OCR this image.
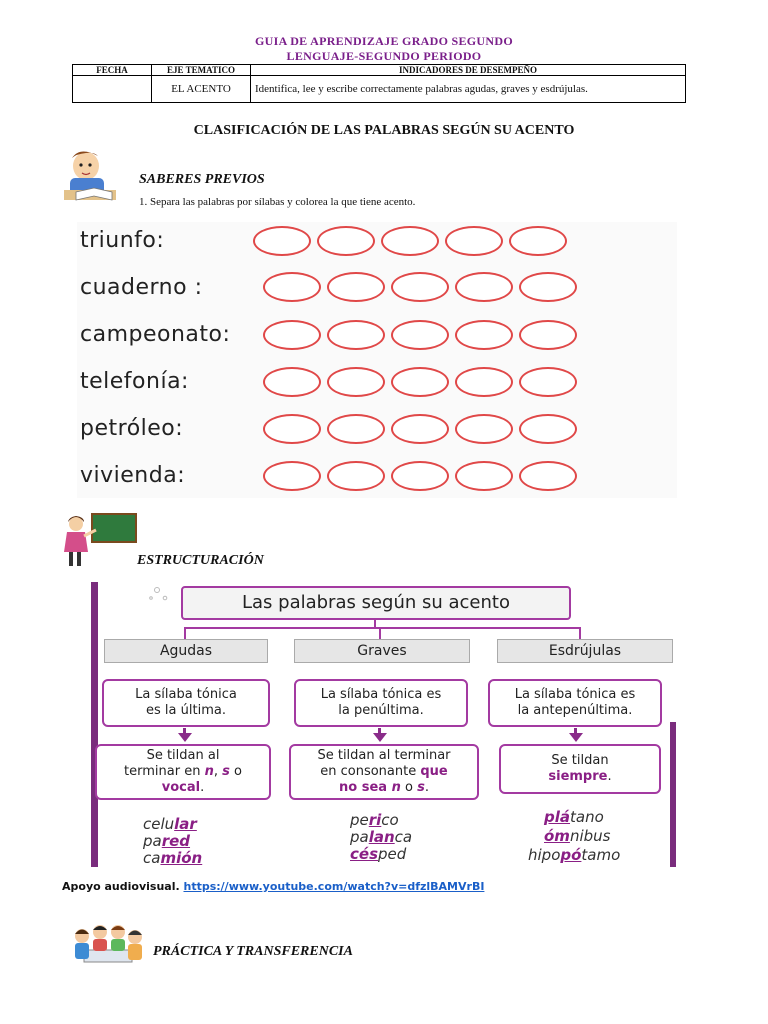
GUIA DE APRENDIZAJE GRADO SEGUNDO
LENGUAJE-SEGUNDO PERIODO
FECHA	EJE TEMATICO	INDICADORES DE DESEMPEÑO
	EL ACENTO	Identifica, lee y escribe correctamente palabras agudas, graves y esdrújulas.
CLASIFICACIÓN DE LAS PALABRAS SEGÚN SU ACENTO
SABERES PREVIOS
1. Separa las palabras por sílabas y colorea la que tiene acento.
triunfo:
cuaderno :
campeonato:
telefonía:
petróleo:
vivienda:
ESTRUCTURACIÓN
Las palabras según su acento
Agudas
La sílaba tónica
es la última.
Se tildan al
terminar en n, s o
vocal.
celular
pared
camión
Graves
La sílaba tónica es
la penúltima.
Se tildan al terminar
en consonante que
no sea n o s.
perico
palanca
césped
Esdrújulas
La sílaba tónica es
la antepenúltima.
Se tildan
siempre.
plátano
ómnibus
hipopótamo
Apoyo audiovisual. https://www.youtube.com/watch?v=dfzlBAMVrBI
PRÁCTICA Y TRANSFERENCIA
